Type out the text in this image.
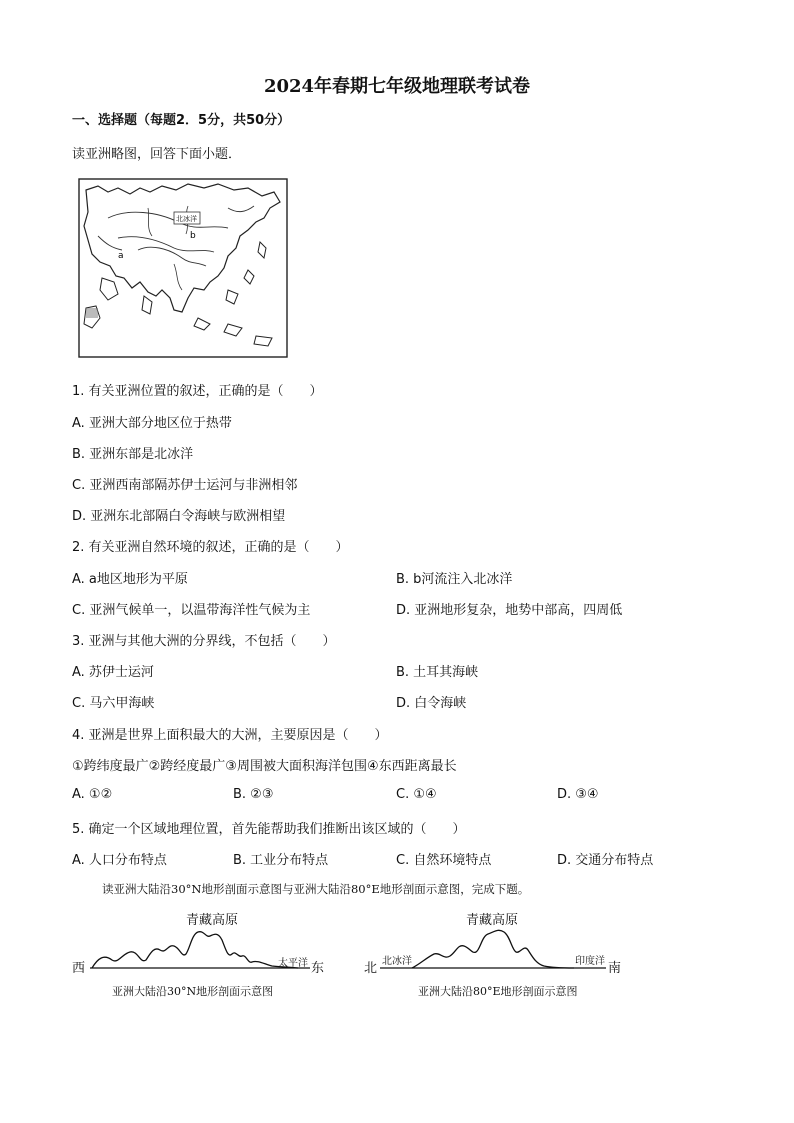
2024年春期七年级地理联考试卷
一、选择题（每题2．5分，共50分）
读亚洲略图，回答下面小题．
北冰洋
a
b
1. 有关亚洲位置的叙述，正确的是（　　）
A. 亚洲大部分地区位于热带
B. 亚洲东部是北冰洋
C. 亚洲西南部隔苏伊士运河与非洲相邻
D. 亚洲东北部隔白令海峡与欧洲相望
2. 有关亚洲自然环境的叙述，正确的是（　　）
A. a地区地形为平原	B. b河流注入北冰洋
C. 亚洲气候单一，以温带海洋性气候为主	D. 亚洲地形复杂，地势中部高，四周低
3. 亚洲与其他大洲的分界线，不包括（　　）
A. 苏伊士运河	B. 土耳其海峡
C. 马六甲海峡	D. 白令海峡
4. 亚洲是世界上面积最大的大洲，主要原因是（　　）
①跨纬度最广②跨经度最广③周围被大面积海洋包围④东西距离最长
A. ①②	B. ②③	C. ①④	D. ③④
5. 确定一个区域地理位置，首先能帮助我们推断出该区域的（　　）
A. 人口分布特点	B. 工业分布特点	C. 自然环境特点	D. 交通分布特点
读亚洲大陆沿30°N地形剖面示意图与亚洲大陆沿80°E地形剖面示意图，完成下题。
青藏高原
西	东
太平洋
亚洲大陆沿30°N地形剖面示意图
青藏高原
北	南
北冰洋	印度洋
亚洲大陆沿80°E地形剖面示意图
